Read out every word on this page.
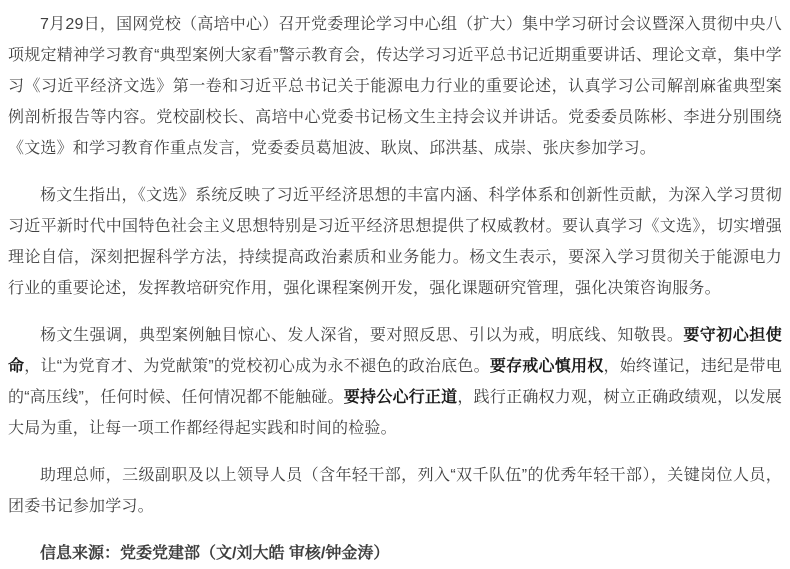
7月29日，国网党校（高培中心）召开党委理论学习中心组（扩大）集中学习研讨会议暨深入贯彻中央八项规定精神学习教育“典型案例大家看”警示教育会，传达学习习近平总书记近期重要讲话、理论文章，集中学习《习近平经济文选》第一卷和习近平总书记关于能源电力行业的重要论述，认真学习公司解剖麻雀典型案例剖析报告等内容。党校副校长、高培中心党委书记杨文生主持会议并讲话。党委委员陈彬、李进分别围绕《文选》和学习教育作重点发言，党委委员葛旭波、耿岚、邱洪基、成崇、张庆参加学习。

杨文生指出，《文选》系统反映了习近平经济思想的丰富内涵、科学体系和创新性贡献，为深入学习贯彻习近平新时代中国特色社会主义思想特别是习近平经济思想提供了权威教材。要认真学习《文选》，切实增强理论自信，深刻把握科学方法，持续提高政治素质和业务能力。杨文生表示，要深入学习贯彻关于能源电力行业的重要论述，发挥教培研究作用，强化课程案例开发，强化课题研究管理，强化决策咨询服务。

杨文生强调，典型案例触目惊心、发人深省，要对照反思、引以为戒，明底线、知敬畏。要守初心担使命，让“为党育才、为党献策”的党校初心成为永不褪色的政治底色。要存戒心慎用权，始终谨记，违纪是带电的“高压线”，任何时候、任何情况都不能触碰。要持公心行正道，践行正确权力观，树立正确政绩观，以发展大局为重，让每一项工作都经得起实践和时间的检验。

助理总师，三级副职及以上领导人员（含年轻干部，列入“双千队伍”的优秀年轻干部），关键岗位人员，团委书记参加学习。

信息来源：党委党建部（文/刘大皓 审核/钟金涛）
